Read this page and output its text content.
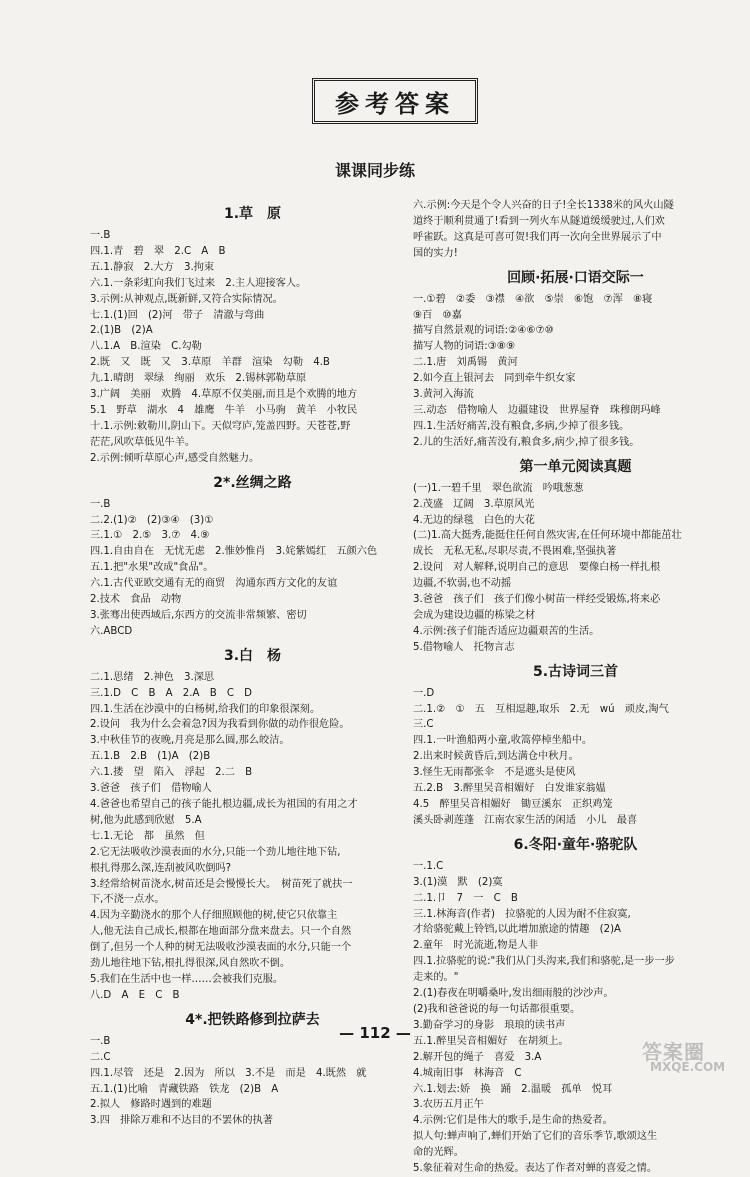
参考答案
课课同步练
1.草　原
一.B
四.1.青　碧　翠　2.C　A　B
五.1.静寂　2.大方　3.拘束
六.1.一条彩虹向我们飞过来　2.主人迎接客人。
3.示例:从神观点,既新鲜,又符合实际情况。
七.1.(1)回　(2)河　带子　清澈与弯曲
2.(1)B　(2)A
八.1.A　B.渲染　C.勾勒
2.既　又　既　又　3.草原　羊群　渲染　勾勒　4.B
九.1.晴朗　翠绿　绚丽　欢乐　2.锡林郭勒草原
3.广阔　美丽　欢腾　4.草原不仅美丽,而且是个欢腾的地方
5.1　野草　湖水　4　雄鹰　牛羊　小马驹　黄羊　小牧民
十.1.示例:敕勒川,阴山下。天似穹庐,笼盖四野。天苍苍,野
茫茫,风吹草低见牛羊。
2.示例:倾听草原心声,感受自然魅力。
2*.丝绸之路
一.B
二.2.(1)②　(2)③④　(3)①
三.1.①　2.⑤　3.⑦　4.⑨
四.1.自由自在　无忧无虑　2.惟妙惟肖　3.姹紫嫣红　五颜六色
五.1.把"水果"改成"食品"。
六.1.古代亚欧交通有无的商贸　沟通东西方文化的友谊
2.技术　食品　动物
3.张骞出使西域后,东西方的交流非常频繁、密切
六.ABCD
3.白　杨
二.1.思绪　2.神色　3.深思
三.1.D　C　B　A　2.A　B　C　D
四.1.生活在沙漠中的白杨树,给我们的印象很深刻。
2.设问　我为什么会着急?因为我看到你做的动作很危险。
3.中秋佳节的夜晚,月亮是那么圆,那么皎洁。
五.1.B　2.B　(1)A　(2)B
六.1.搂　望　陷入　浮起　2.二　B
3.爸爸　孩子们　借物喻人
4.爸爸也希望自己的孩子能扎根边疆,成长为祖国的有用之才
树,他为此感到欣慰　5.A
七.1.无论　都　虽然　但
2.它无法吸收沙漠表面的水分,只能一个劲儿地往地下钻,
根扎得那么深,连刮被风吹倒吗?
3.经常给树苗浇水,树苗还是会慢慢长大。　树苗死了就扶一
下,不浇一点水。
4.因为辛勤浇水的那个人仔细照顾他的树,使它只依靠主
人,他无法自己成长,根都在地面部分盘来盘去。只一个自然
倒了,但另一个人种的树无法吸收沙漠表面的水分,只能一个
劲儿地往地下钻,根扎得很深,风自然吹不倒。
5.我们在生活中也一样……会被我们克服。
八.D　A　E　C　B
4*.把铁路修到拉萨去
一.B
二.C
四.1.尽管　还是　2.因为　所以　3.不是　而是　4.既然　就
五.1.(1)比喻　青藏铁路　铁龙　(2)B　A
2.拟人　修路时遇到的难题
3.四　排除万难和不达目的不罢休的执著
六.示例:今天是个令人兴奋的日子!全长1338米的风火山隧
道终于顺利贯通了!看到一列火车从隧道缓缓驶过,人们欢
呼雀跃。这真是可喜可贺!我们再一次向全世界展示了中
国的实力!
回顾·拓展·口语交际一
一.①碧　②委　③襟　④欲　⑤崇　⑥饱　⑦浑　⑧寝
⑨百　⑩嘉
描写自然景观的词语:②④⑥⑦⑩
描写人物的词语:③⑧⑨
二.1.唐　刘禹锡　黄河
2.如今直上银河去　同到牵牛织女家
3.黄河入海流
三.动态　借物喻人　边疆建设　世界屋脊　珠穆朗玛峰
四.1.生活好痛苦,没有粮食,多病,少掉了很多钱。
2.儿的生活好,痛苦没有,粮食多,病少,掉了很多钱。
第一单元阅读真题
(一)1.一碧千里　翠色欲流　吟哦葱葱
2.茂盛　辽阔　3.草原风光
4.无边的绿毯　白色的大花
(二)1.高大挺秀,能挺住任何自然灾害,在任何环境中都能茁壮
成长　无私无私,尽职尽责,不畏困难,坚强执著
2.设问　对人解释,说明自己的意思　要像白杨一样扎根
边疆,不软弱,也不动摇
3.爸爸　孩子们　孩子们像小树苗一样经受锻炼,将来必
会成为建设边疆的栋梁之材
4.示例:孩子们能否适应边疆艰苦的生活。
5.借物喻人　托物言志
5.古诗词三首
一.D
二.1.②　①　五　互相逗趣,取乐　2.无　wú　顽皮,淘气
三.C
四.1.一叶渔船两小童,收篙停棹坐船中。
2.出来时候黄昏后,到达满仓中秋月。
3.怪生无雨都张伞　不是遮头是使风
五.2.B　3.醉里吴音相媚好　白发谁家翁媪
4.5　醉里吴音相媚好　锄豆溪东　正织鸡笼
溪头卧剥莲蓬　江南农家生活的闲适　小儿　最喜
6.冬阳·童年·骆驼队
一.1.C
3.(1)漠　默　(2)寞
二.1.卩　7　一　C　B
三.1.林海音(作者)　拉骆驼的人因为耐不住寂寞,
才给骆驼戴上铃铛,以此增加旅途的情趣　(2)A
2.童年　时光流逝,物是人非
四.1.拉骆驼的说:"我们从门头沟来,我们和骆驼,是一步一步
走来的。"
2.(1)春夜在明嚼桑叶,发出细雨般的沙沙声。
(2)我和爸爸说的每一句话都很重要。
3.勤奋学习的身影　琅琅的读书声
五.1.醉里吴音相媚好　在胡须上。
2.解开包的绳子　喜爱　3.A
4.城南旧事　林海音　C
六.1.划去:娇　换　踊　2.温暖　孤单　悦耳
3.农历五月正午
4.示例:它们是伟大的歌手,是生命的热爱者。
拟人句:蝉声响了,蝉们开始了它们的音乐季节,歌颂这生
命的光辉。
5.象征着对生命的热爱。表达了作者对蝉的喜爱之情。
— 112 —
答案圈
MXQE.COM
